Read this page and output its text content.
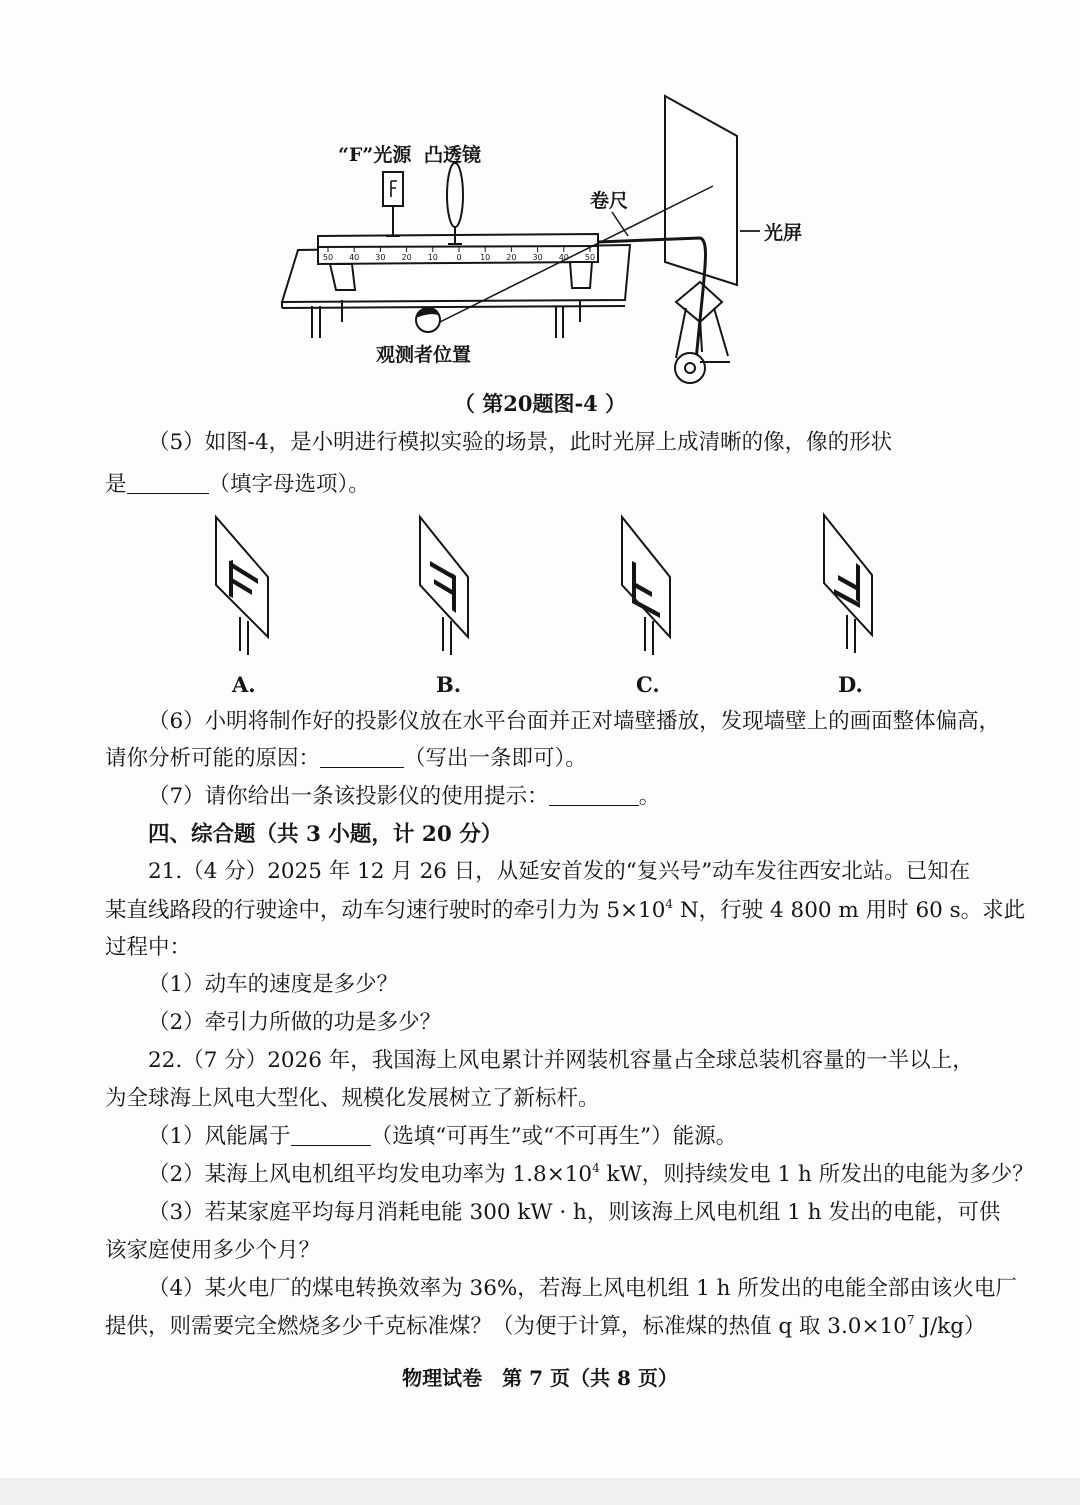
50 40 30 20 10 0 10 20 30 40 50
“F”光源 凸透镜
卷尺
光屏
观测者位置
（ 第20题图-4 ）
（5）如图-4，是小明进行模拟实验的场景，此时光屏上成清晰的像，像的形状
是	（填字母选项）。
A.	B.	C.	D.
（6）小明将制作好的投影仪放在水平台面并正对墙壁播放，发现墙壁上的画面整体偏高，
请你分析可能的原因：	（写出一条即可）。
（7）请你给出一条该投影仪的使用提示：	。
四、综合题（共 3 小题，计 20 分）
21.（4 分）2025 年 12 月 26 日，从延安首发的“复兴号”动车发往西安北站。已知在
某直线路段的行驶途中，动车匀速行驶时的牵引力为 $5\times 10^4$ N，行驶 4 800 m 用时 60 s。求此
过程中：
（1）动车的速度是多少？
（2）牵引力所做的功是多少？
22.（7 分）2026 年，我国海上风电累计并网装机容量占全球总装机容量的一半以上，
为全球海上风电大型化、规模化发展树立了新标杆。
（1）风能属于	（选填“可再生”或“不可再生”）能源。
（2）某海上风电机组平均发电功率为 $1.8\times 10^4$ kW，则持续发电 1 h 所发出的电能为多少？
（3）若某家庭平均每月消耗电能 300 kW · h，则该海上风电机组 1 h 发出的电能，可供
该家庭使用多少个月？
（4）某火电厂的煤电转换效率为 36%，若海上风电机组 1 h 所发出的电能全部由该火电厂
提供，则需要完全燃烧多少千克标准煤？（为便于计算，标准煤的热值 q 取 $3.0\times 10^7$ J/kg）
物理试卷　第 7 页（共 8 页）
